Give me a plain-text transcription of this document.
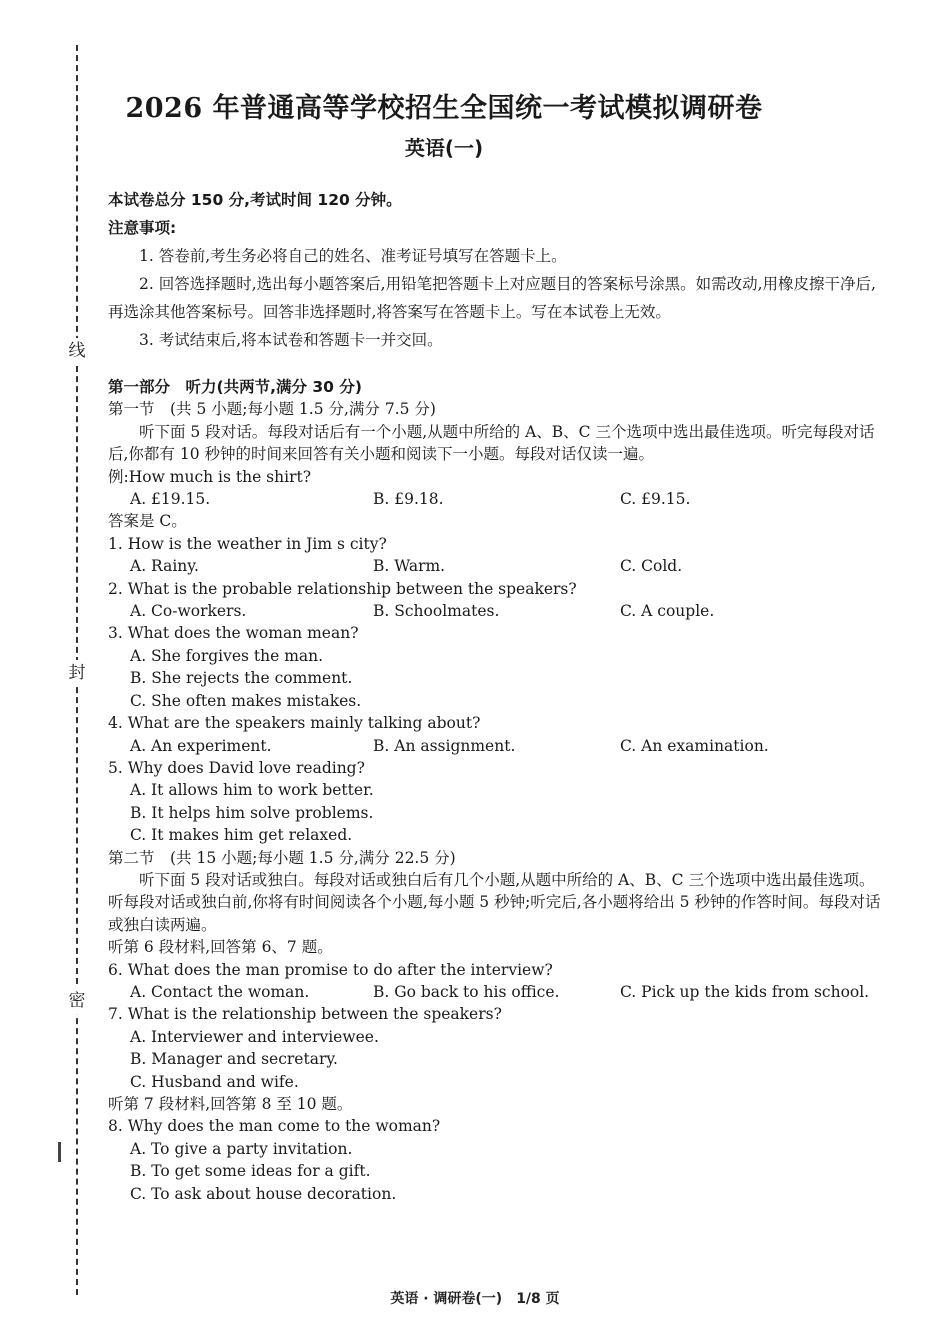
线
封
密
2026 年普通高等学校招生全国统一考试模拟调研卷
英语(一)

本试卷总分 150 分,考试时间 120 分钟。

注意事项:

1. 答卷前,考生务必将自己的姓名、准考证号填写在答题卡上。

2. 回答选择题时,选出每小题答案后,用铅笔把答题卡上对应题目的答案标号涂黑。如需改动,用橡皮擦干净后,再选涂其他答案标号。回答非选择题时,将答案写在答题卡上。写在本试卷上无效。

3. 考试结束后,将本试卷和答题卡一并交回。

第一部分　听力(共两节,满分 30 分)

第一节　(共 5 小题;每小题 1.5 分,满分 7.5 分)

听下面 5 段对话。每段对话后有一个小题,从题中所给的 A、B、C 三个选项中选出最佳选项。听完每段对话后,你都有 10 秒钟的时间来回答有关小题和阅读下一小题。每段对话仅读一遍。

例:How much is the shirt?

A. £19.15.	B. £9.18.	C. £9.15.

答案是 C。

1. How is the weather in Jim s city?

A. Rainy.	B. Warm.	C. Cold.

2. What is the probable relationship between the speakers?

A. Co-workers.	B. Schoolmates.	C. A couple.

3. What does the woman mean?

A. She forgives the man.

B. She rejects the comment.

C. She often makes mistakes.

4. What are the speakers mainly talking about?

A. An experiment.	B. An assignment.	C. An examination.

5. Why does David love reading?

A. It allows him to work better.

B. It helps him solve problems.

C. It makes him get relaxed.

第二节　(共 15 小题;每小题 1.5 分,满分 22.5 分)

听下面 5 段对话或独白。每段对话或独白后有几个小题,从题中所给的 A、B、C 三个选项中选出最佳选项。听每段对话或独白前,你将有时间阅读各个小题,每小题 5 秒钟;听完后,各小题将给出 5 秒钟的作答时间。每段对话或独白读两遍。

听第 6 段材料,回答第 6、7 题。

6. What does the man promise to do after the interview?

A. Contact the woman.	B. Go back to his office.	C. Pick up the kids from school.

7. What is the relationship between the speakers?

A. Interviewer and interviewee.

B. Manager and secretary.

C. Husband and wife.

听第 7 段材料,回答第 8 至 10 题。

8. Why does the man come to the woman?

A. To give a party invitation.

B. To get some ideas for a gift.

C. To ask about house decoration.

英语 · 调研卷(一)　1/8 页
